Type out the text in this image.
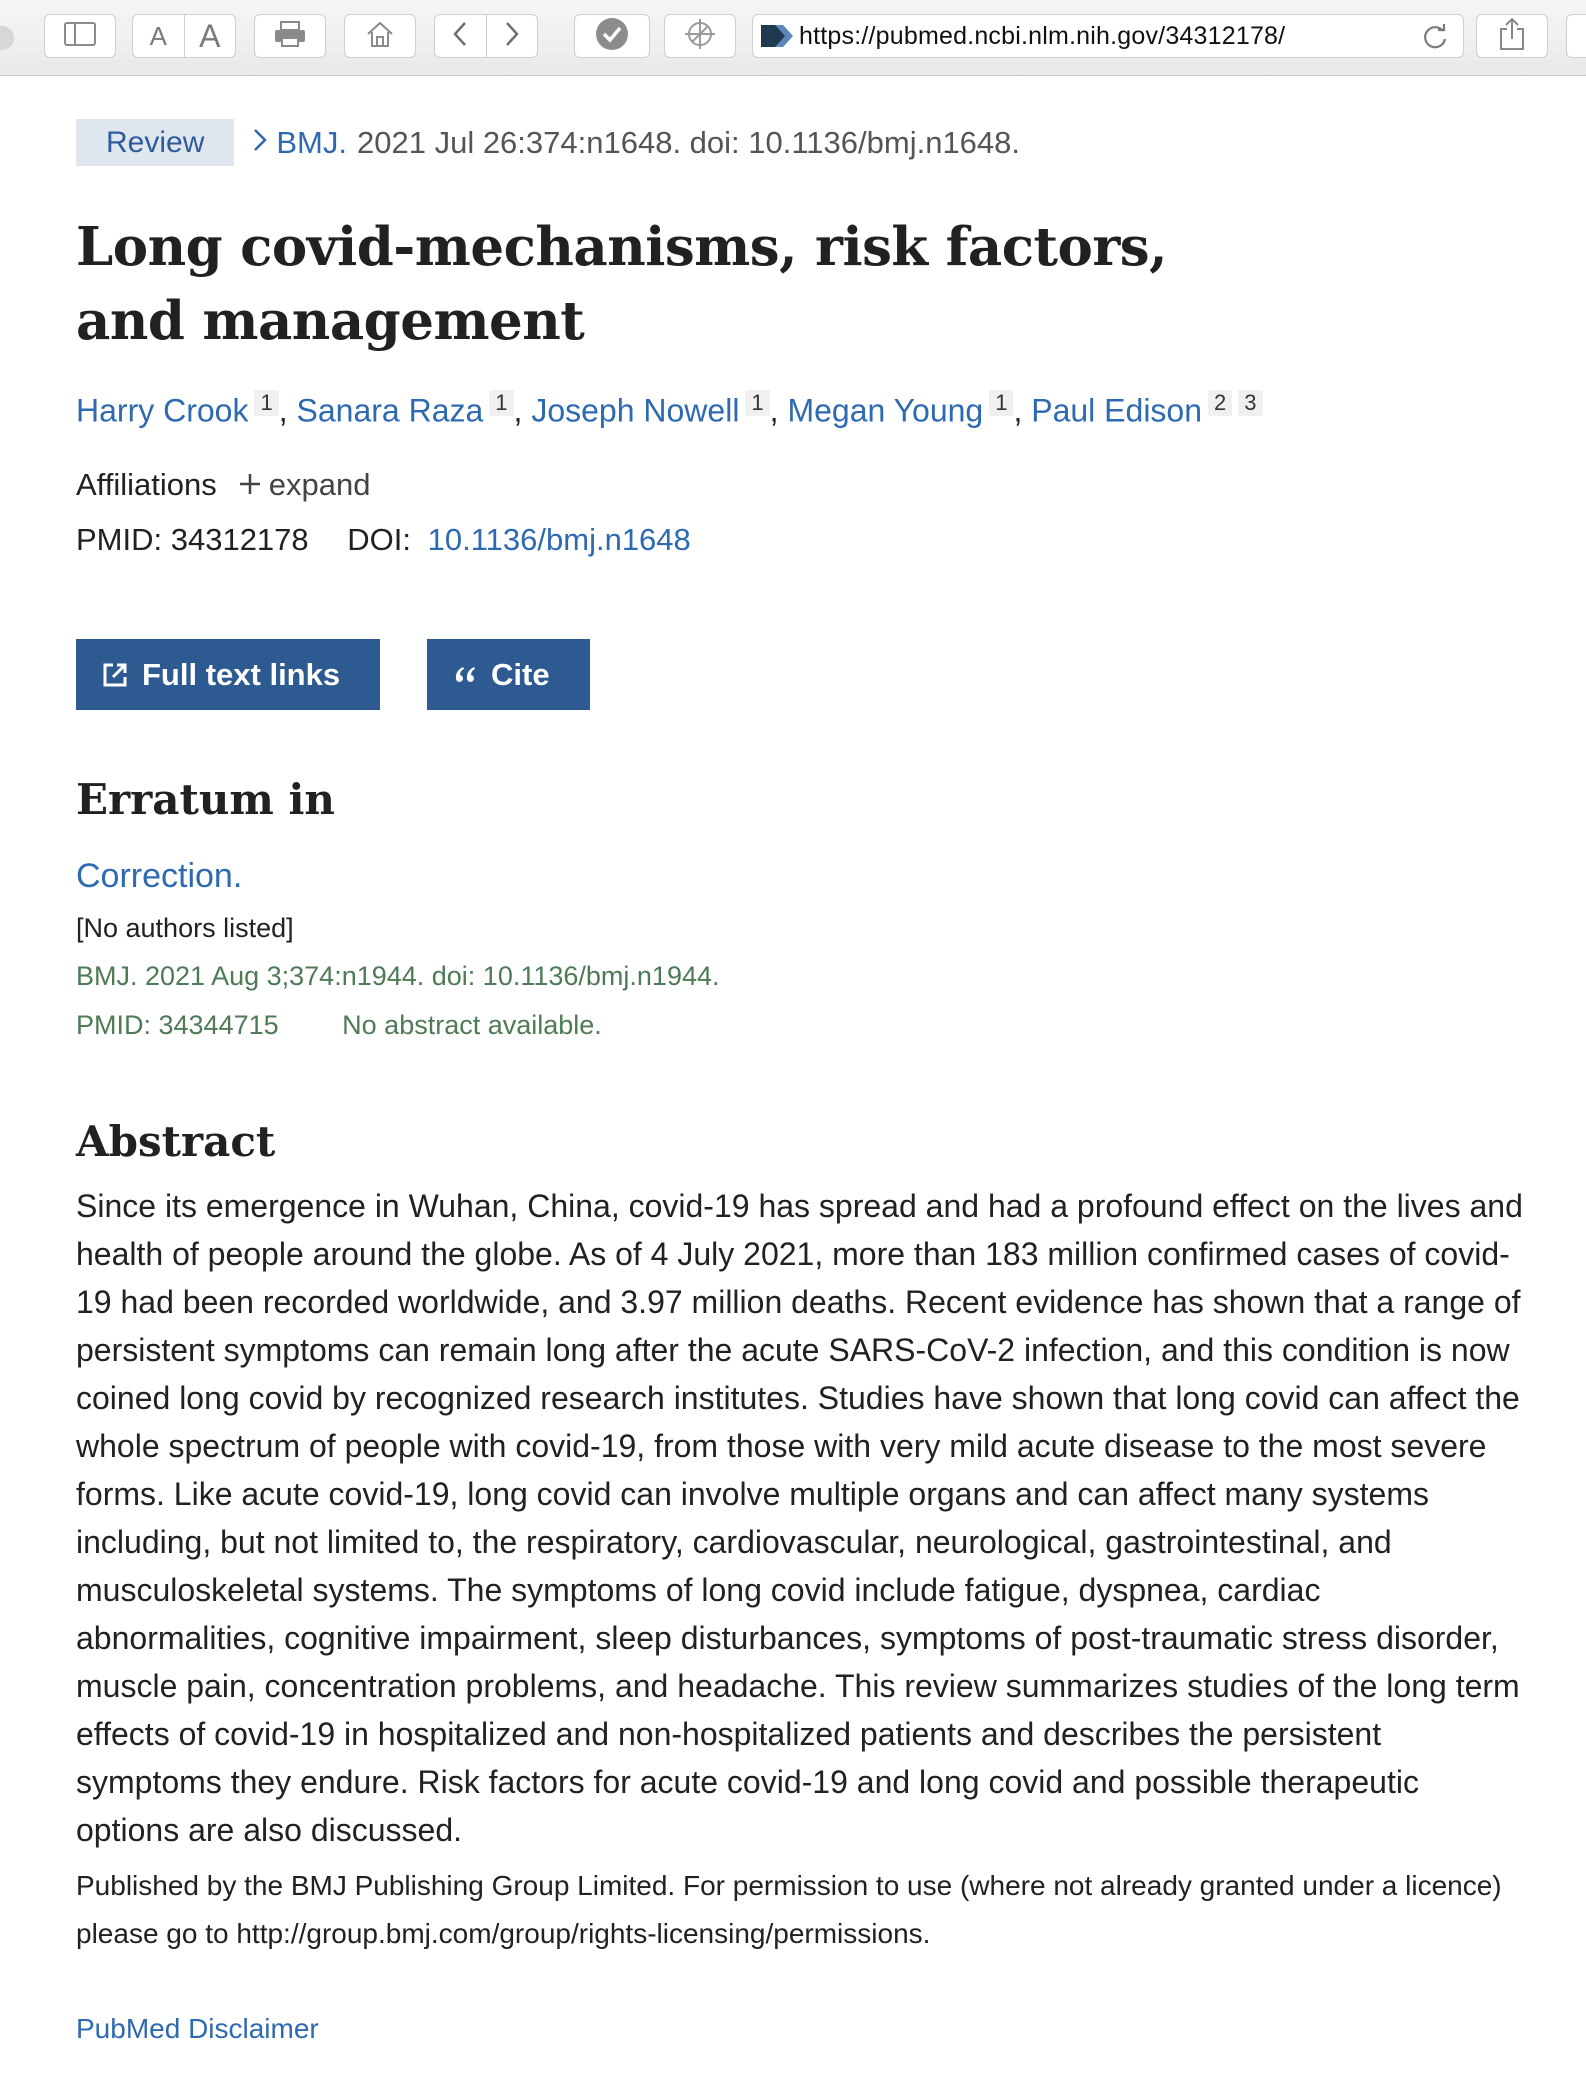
A	A	https://pubmed.ncbi.nlm.nih.gov/34312178/
Review	BMJ. 2021 Jul 26:374:n1648. doi: 10.1136/bmj.n1648.
Long covid-mechanisms, risk factors, and management
Harry Crook 1 , Sanara Raza 1 , Joseph Nowell 1 , Megan Young 1 , Paul Edison 2 3
Affiliations expand
PMID: 34312178 DOI: 10.1136/bmj.n1648
Full text links	Cite
Erratum in
Correction.
[No authors listed]
BMJ. 2021 Aug 3;374:n1944. doi: 10.1136/bmj.n1944.
PMID: 34344715 No abstract available.
Abstract

Since its emergence in Wuhan, China, covid-19 has spread and had a profound effect on the lives and health of people around the globe. As of 4 July 2021, more than 183 million confirmed cases of covid-19 had been recorded worldwide, and 3.97 million deaths. Recent evidence has shown that a range of persistent symptoms can remain long after the acute SARS-CoV-2 infection, and this condition is now coined long covid by recognized research institutes. Studies have shown that long covid can affect the whole spectrum of people with covid-19, from those with very mild acute disease to the most severe forms. Like acute covid-19, long covid can involve multiple organs and can affect many systems including, but not limited to, the respiratory, cardiovascular, neurological, gastrointestinal, and musculoskeletal systems. The symptoms of long covid include fatigue, dyspnea, cardiac abnormalities, cognitive impairment, sleep disturbances, symptoms of post-traumatic stress disorder, muscle pain, concentration problems, and headache. This review summarizes studies of the long term effects of covid-19 in hospitalized and non-hospitalized patients and describes the persistent symptoms they endure. Risk factors for acute covid-19 and long covid and possible therapeutic options are also discussed.

Published by the BMJ Publishing Group Limited. For permission to use (where not already granted under a licence) please go to http://group.bmj.com/group/rights-licensing/permissions.

PubMed Disclaimer
